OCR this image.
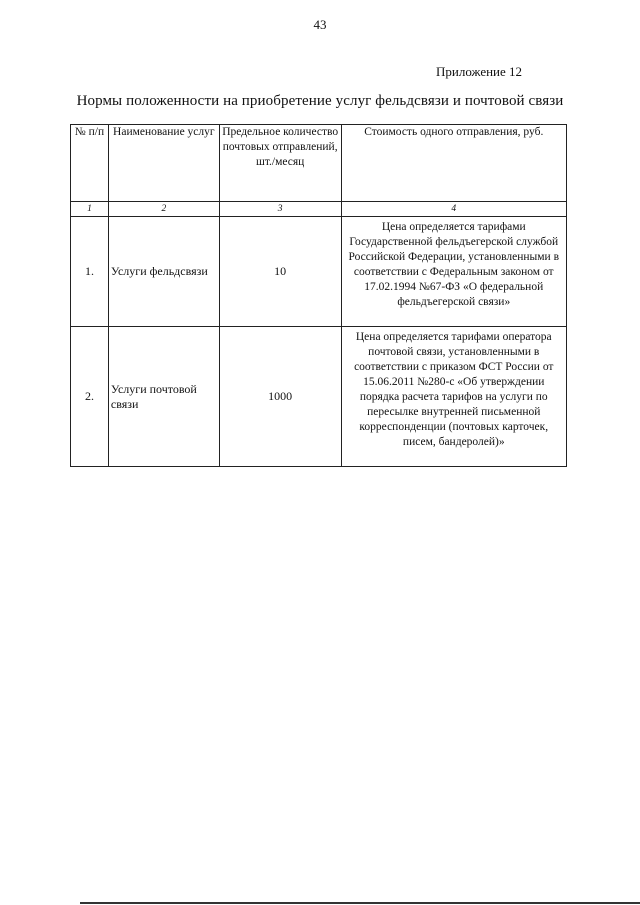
43
Приложение 12
Нормы положенности на приобретение услуг фельдсвязи и почтовой связи
№ п/п	Наименование услуг	Предельное количество почтовых отправлений, шт./месяц	Стоимость одного отправления, руб.
1	2	3	4
1.	Услуги фельдсвязи	10	Цена определяется тарифами Государственной фельдъегерской службой Российской Федерации, установленными в соответствии с Федеральным законом от 17.02.1994 №67-ФЗ «О федеральной фельдъегерской связи»
2.	Услуги почтовой связи	1000	Цена определяется тарифами оператора почтовой связи, установленными в соответствии с приказом ФСТ России от 15.06.2011 №280-с «Об утверждении порядка расчета тарифов на услуги по пересылке внутренней письменной корреспонденции (почтовых карточек, писем, бандеролей)»
